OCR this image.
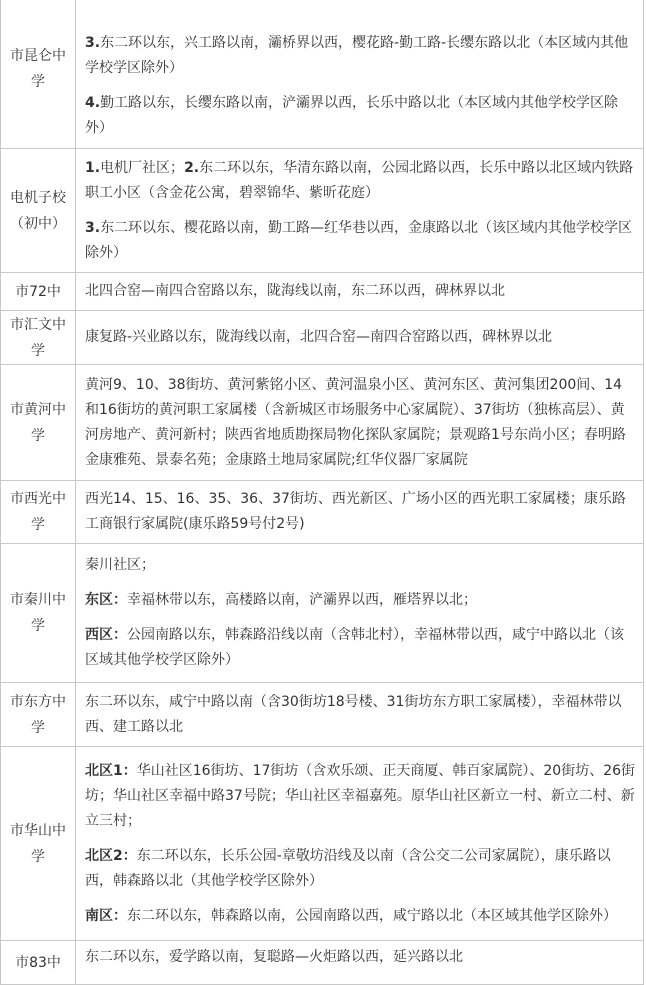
市昆仑中学	3.东二环以东，兴工路以南，灞桥界以西，樱花路-勤工路-长缨东路以北（本区域内其他学校学区除外）

4.勤工路以东，长缨东路以南，浐灞界以西，长乐中路以北（本区域内其他学校学区除外）

电机子校（初中）	1.电机厂社区；2.东二环以东，华清东路以南，公园北路以西，长乐中路以北区域内铁路职工小区（含金花公寓，碧翠锦华、紫昕花庭）

3.东二环以东、樱花路以南，勤工路—红华巷以西，金康路以北（该区域内其他学校学区除外）

市72中	北四合窑—南四合窑路以东，陇海线以南，东二环以西，碑林界以北

市汇文中学	康复路-兴业路以东，陇海线以南，北四合窑—南四合窑路以西，碑林界以北

市黄河中学	黄河9、10、38街坊、黄河紫铭小区、黄河温泉小区、黄河东区、黄河集团200间、14和16街坊的黄河职工家属楼（含新城区市场服务中心家属院）、37街坊（独栋高层）、黄河房地产、黄河新村；陕西省地质勘探局物化探队家属院；景观路1号东尚小区；春明路金康雅苑、景泰名苑；金康路土地局家属院;红华仪器厂家属院

市西光中学	西光14、15、16、35、36、37街坊、西光新区、广场小区的西光职工家属楼；康乐路工商银行家属院(康乐路59号付2号)

市秦川中学	秦川社区；

东区：幸福林带以东，高楼路以南，浐灞界以西，雁塔界以北；

西区：公园南路以东，韩森路沿线以南（含韩北村），幸福林带以西，咸宁中路以北（该区域其他学校学区除外）

市东方中学	东二环以东，咸宁中路以南（含30街坊18号楼、31街坊东方职工家属楼），幸福林带以西、建工路以北

市华山中学	北区1：华山社区16街坊、17街坊（含欢乐颂、正天商厦、韩百家属院）、20街坊、26街坊；华山社区幸福中路37号院；华山社区幸福嘉苑。原华山社区新立一村、新立二村、新立三村；

北区2：东二环以东，长乐公园-章敬坊沿线及以南（含公交二公司家属院），康乐路以西，韩森路以北（其他学校学区除外）

南区：东二环以东，韩森路以南，公园南路以西，咸宁路以北（本区域其他学区除外）

市83中	东二环以东，爱学路以南，复聪路—火炬路以西，延兴路以北
